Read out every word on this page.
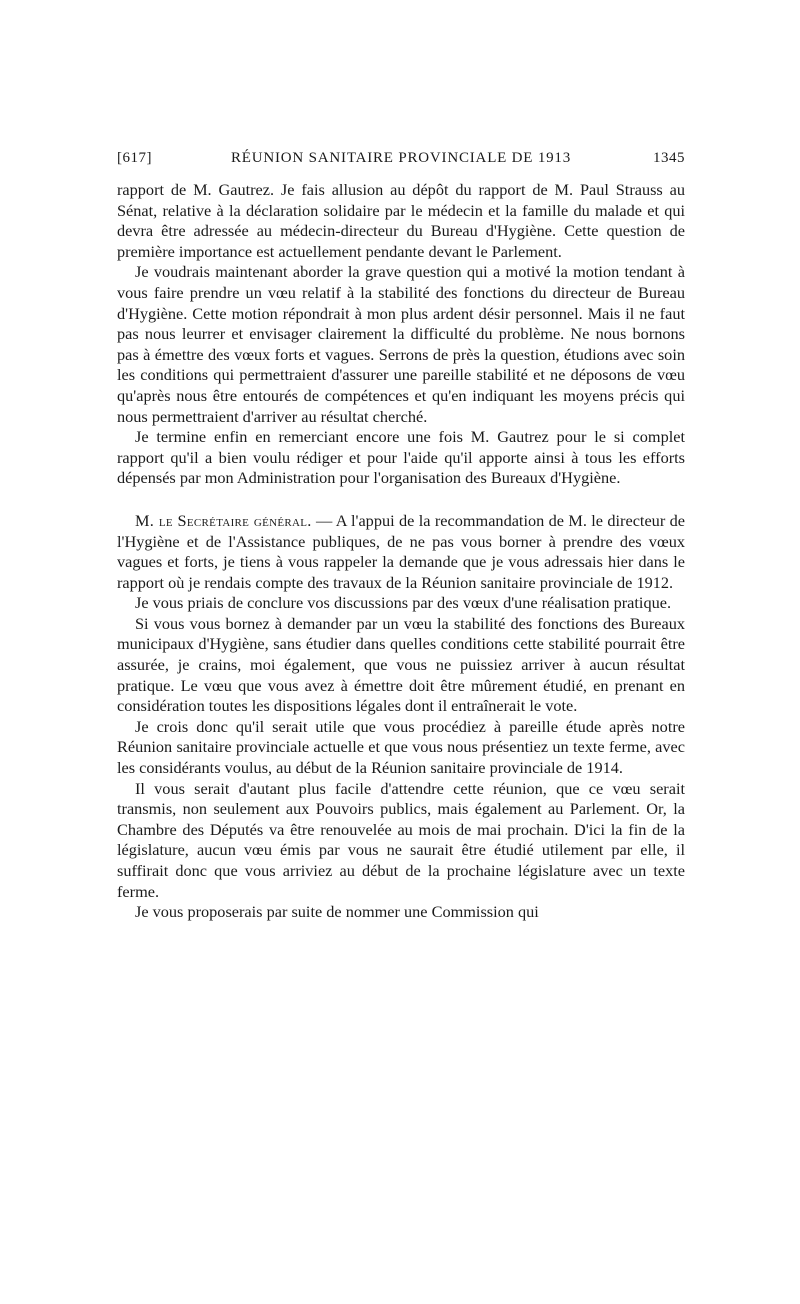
[617]	RÉUNION SANITAIRE PROVINCIALE DE 1913	1345

rapport de M. Gautrez. Je fais allusion au dépôt du rapport de M. Paul Strauss au Sénat, relative à la déclaration solidaire par le médecin et la famille du malade et qui devra être adressée au médecin-directeur du Bureau d'Hygiène. Cette question de première importance est actuellement pendante devant le Parlement.

Je voudrais maintenant aborder la grave question qui a motivé la motion tendant à vous faire prendre un vœu relatif à la stabilité des fonctions du directeur de Bureau d'Hygiène. Cette motion répondrait à mon plus ardent désir personnel. Mais il ne faut pas nous leurrer et envisager clairement la difficulté du problème. Ne nous bornons pas à émettre des vœux forts et vagues. Serrons de près la question, étudions avec soin les conditions qui permettraient d'assurer une pareille stabilité et ne déposons de vœu qu'après nous être entourés de compétences et qu'en indiquant les moyens précis qui nous permettraient d'arriver au résultat cherché.

Je termine enfin en remerciant encore une fois M. Gautrez pour le si complet rapport qu'il a bien voulu rédiger et pour l'aide qu'il apporte ainsi à tous les efforts dépensés par mon Administration pour l'organisation des Bureaux d'Hygiène.

M. le Secrétaire général. — A l'appui de la recommandation de M. le directeur de l'Hygiène et de l'Assistance publiques, de ne pas vous borner à prendre des vœux vagues et forts, je tiens à vous rappeler la demande que je vous adressais hier dans le rapport où je rendais compte des travaux de la Réunion sanitaire provinciale de 1912.

Je vous priais de conclure vos discussions par des vœux d'une réalisation pratique.

Si vous vous bornez à demander par un vœu la stabilité des fonctions des Bureaux municipaux d'Hygiène, sans étudier dans quelles conditions cette stabilité pourrait être assurée, je crains, moi également, que vous ne puissiez arriver à aucun résultat pratique. Le vœu que vous avez à émettre doit être mûrement étudié, en prenant en considération toutes les dispositions légales dont il entraînerait le vote.

Je crois donc qu'il serait utile que vous procédiez à pareille étude après notre Réunion sanitaire provinciale actuelle et que vous nous présentiez un texte ferme, avec les considérants voulus, au début de la Réunion sanitaire provinciale de 1914.

Il vous serait d'autant plus facile d'attendre cette réunion, que ce vœu serait transmis, non seulement aux Pouvoirs publics, mais également au Parlement. Or, la Chambre des Députés va être renouvelée au mois de mai prochain. D'ici la fin de la législature, aucun vœu émis par vous ne saurait être étudié utilement par elle, il suffirait donc que vous arriviez au début de la prochaine législature avec un texte ferme.

Je vous proposerais par suite de nommer une Commission qui
